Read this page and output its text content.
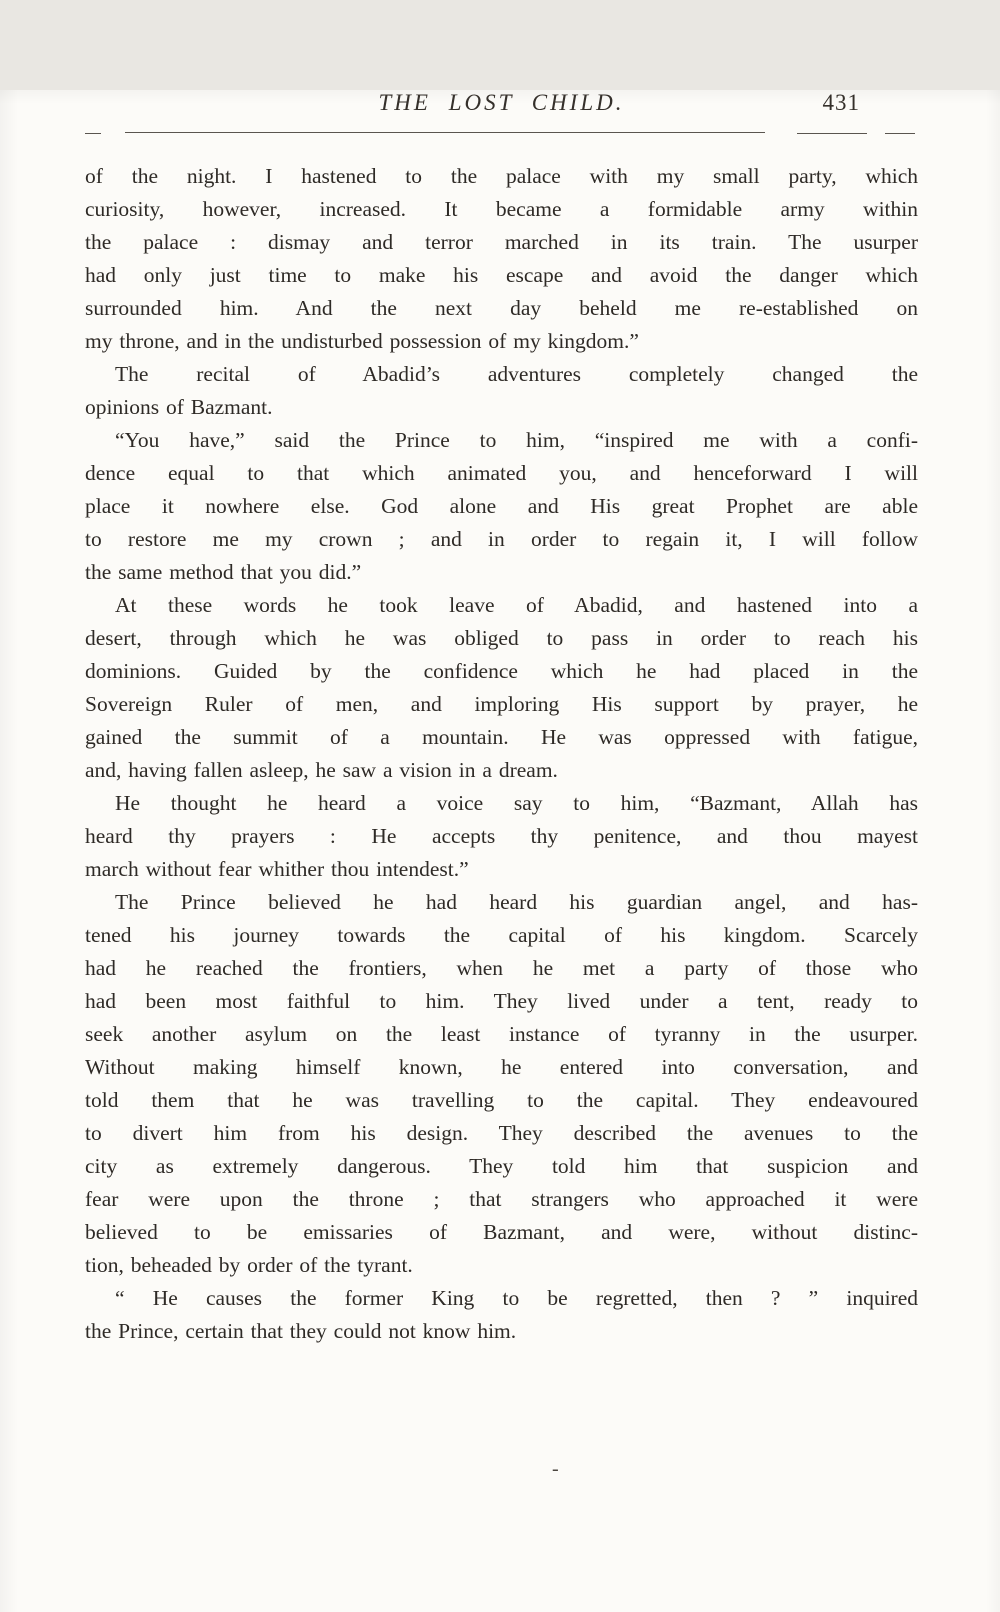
THE LOST CHILD.	431
of the night. I hastened to the palace with my small party, which
curiosity, however, increased. It became a formidable army within
the palace : dismay and terror marched in its train. The usurper
had only just time to make his escape and avoid the danger which
surrounded him. And the next day beheld me re-established on
my throne, and in the undisturbed possession of my kingdom.”
The recital of Abadid’s adventures completely changed the
opinions of Bazmant.
“You have,” said the Prince to him, “inspired me with a confi-
dence equal to that which animated you, and henceforward I will
place it nowhere else. God alone and His great Prophet are able
to restore me my crown ; and in order to regain it, I will follow
the same method that you did.”
At these words he took leave of Abadid, and hastened into a
desert, through which he was obliged to pass in order to reach his
dominions. Guided by the confidence which he had placed in the
Sovereign Ruler of men, and imploring His support by prayer, he
gained the summit of a mountain. He was oppressed with fatigue,
and, having fallen asleep, he saw a vision in a dream.
He thought he heard a voice say to him, “Bazmant, Allah has
heard thy prayers : He accepts thy penitence, and thou mayest
march without fear whither thou intendest.”
The Prince believed he had heard his guardian angel, and has-
tened his journey towards the capital of his kingdom. Scarcely
had he reached the frontiers, when he met a party of those who
had been most faithful to him. They lived under a tent, ready to
seek another asylum on the least instance of tyranny in the usurper.
Without making himself known, he entered into conversation, and
told them that he was travelling to the capital. They endeavoured
to divert him from his design. They described the avenues to the
city as extremely dangerous. They told him that suspicion and
fear were upon the throne ; that strangers who approached it were
believed to be emissaries of Bazmant, and were, without distinc-
tion, beheaded by order of the tyrant.
“ He causes the former King to be regretted, then ? ” inquired
the Prince, certain that they could not know him.
-
